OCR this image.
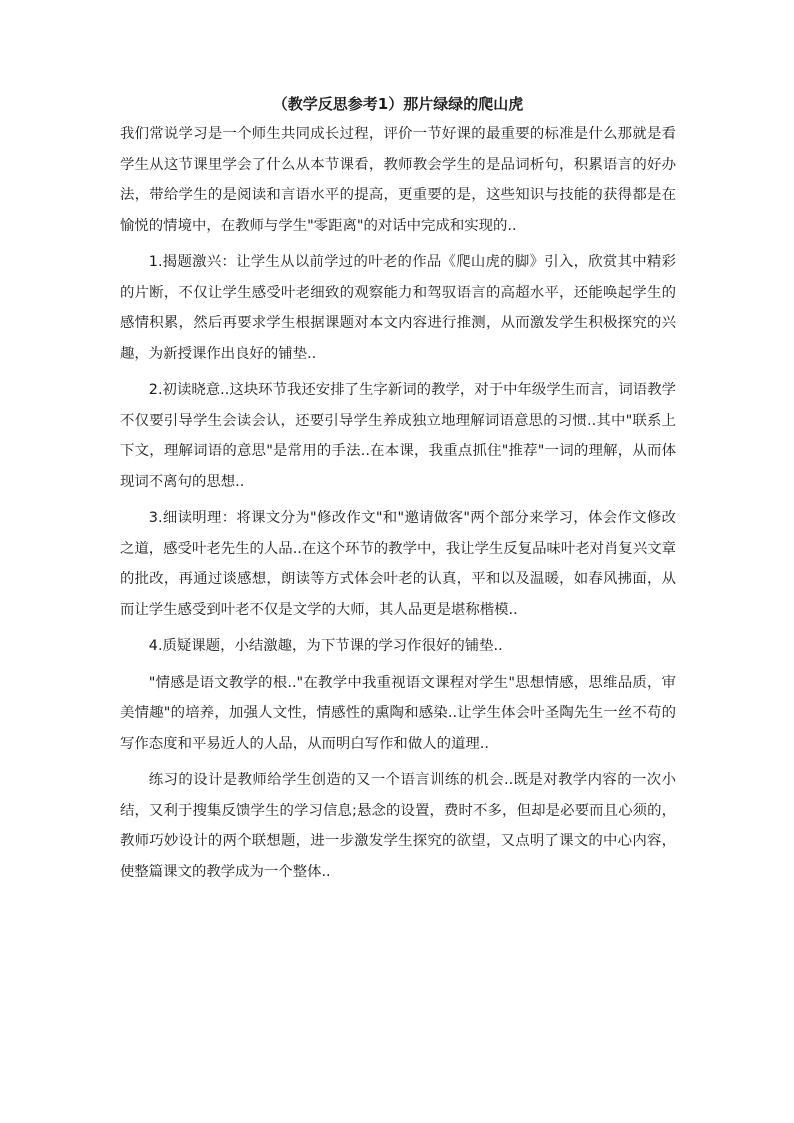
（教学反思参考1）那片绿绿的爬山虎

我们常说学习是一个师生共同成长过程，评价一节好课的最重要的标准是什么那就是看学生从这节课里学会了什么从本节课看，教师教会学生的是品词析句，积累语言的好办法，带给学生的是阅读和言语水平的提高，更重要的是，这些知识与技能的获得都是在愉悦的情境中，在教师与学生"零距离"的对话中完成和实现的..

1.揭题激兴：让学生从以前学过的叶老的作品《爬山虎的脚》引入，欣赏其中精彩的片断，不仅让学生感受叶老细致的观察能力和驾驭语言的高超水平，还能唤起学生的感情积累，然后再要求学生根据课题对本文内容进行推测，从而激发学生积极探究的兴趣，为新授课作出良好的铺垫..

2.初读晓意..这块环节我还安排了生字新词的教学，对于中年级学生而言，词语教学不仅要引导学生会读会认，还要引导学生养成独立地理解词语意思的习惯..其中"联系上下文，理解词语的意思"是常用的手法..在本课，我重点抓住"推荐"一词的理解，从而体现词不离句的思想..

3.细读明理：将课文分为"修改作文"和"邀请做客"两个部分来学习，体会作文修改之道，感受叶老先生的人品..在这个环节的教学中，我让学生反复品味叶老对肖复兴文章的批改，再通过谈感想，朗读等方式体会叶老的认真，平和以及温暖，如春风拂面，从而让学生感受到叶老不仅是文学的大师，其人品更是堪称楷模..

4.质疑课题，小结激趣，为下节课的学习作很好的铺垫..

"情感是语文教学的根.."在教学中我重视语文课程对学生"思想情感，思维品质，审美情趣"的培养，加强人文性，情感性的熏陶和感染..让学生体会叶圣陶先生一丝不苟的写作态度和平易近人的人品，从而明白写作和做人的道理..

练习的设计是教师给学生创造的又一个语言训练的机会..既是对教学内容的一次小结，又利于搜集反馈学生的学习信息;悬念的设置，费时不多，但却是必要而且心须的，教师巧妙设计的两个联想题，进一步激发学生探究的欲望，又点明了课文的中心内容，使整篇课文的教学成为一个整体..
